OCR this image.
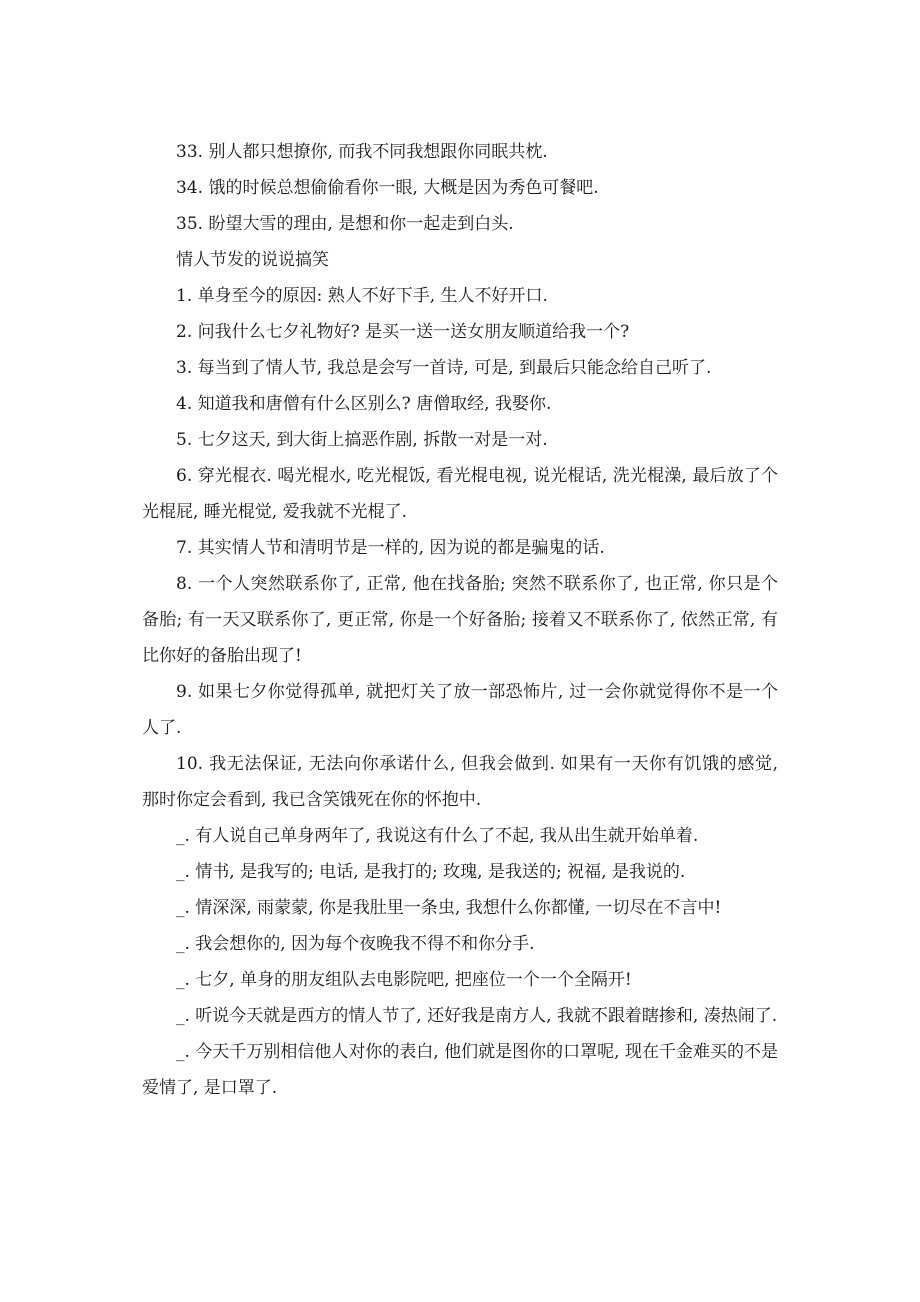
33. 别人都只想撩你, 而我不同我想跟你同眠共枕.

34. 饿的时候总想偷偷看你一眼, 大概是因为秀色可餐吧.

35. 盼望大雪的理由, 是想和你一起走到白头.

情人节发的说说搞笑

1. 单身至今的原因: 熟人不好下手, 生人不好开口.

2. 问我什么七夕礼物好? 是买一送一送女朋友顺道给我一个?

3. 每当到了情人节, 我总是会写一首诗, 可是, 到最后只能念给自己听了.

4. 知道我和唐僧有什么区别么? 唐僧取经, 我娶你.

5. 七夕这天, 到大街上搞恶作剧, 拆散一对是一对.

6. 穿光棍衣. 喝光棍水, 吃光棍饭, 看光棍电视, 说光棍话, 洗光棍澡, 最后放了个光棍屁, 睡光棍觉, 爱我就不光棍了.

7. 其实情人节和清明节是一样的, 因为说的都是骗鬼的话.

8. 一个人突然联系你了, 正常, 他在找备胎; 突然不联系你了, 也正常, 你只是个备胎; 有一天又联系你了, 更正常, 你是一个好备胎; 接着又不联系你了, 依然正常, 有比你好的备胎出现了!

9. 如果七夕你觉得孤单, 就把灯关了放一部恐怖片, 过一会你就觉得你不是一个人了.

10. 我无法保证, 无法向你承诺什么, 但我会做到. 如果有一天你有饥饿的感觉, 那时你定会看到, 我已含笑饿死在你的怀抱中.

_. 有人说自己单身两年了, 我说这有什么了不起, 我从出生就开始单着.

_. 情书, 是我写的; 电话, 是我打的; 玫瑰, 是我送的; 祝福, 是我说的.

_. 情深深, 雨蒙蒙, 你是我肚里一条虫, 我想什么你都懂, 一切尽在不言中!

_. 我会想你的, 因为每个夜晚我不得不和你分手.

_. 七夕, 单身的朋友组队去电影院吧, 把座位一个一个全隔开!

_. 听说今天就是西方的情人节了, 还好我是南方人, 我就不跟着瞎掺和, 凑热闹了.

_. 今天千万别相信他人对你的表白, 他们就是图你的口罩呢, 现在千金难买的不是爱情了, 是口罩了.
